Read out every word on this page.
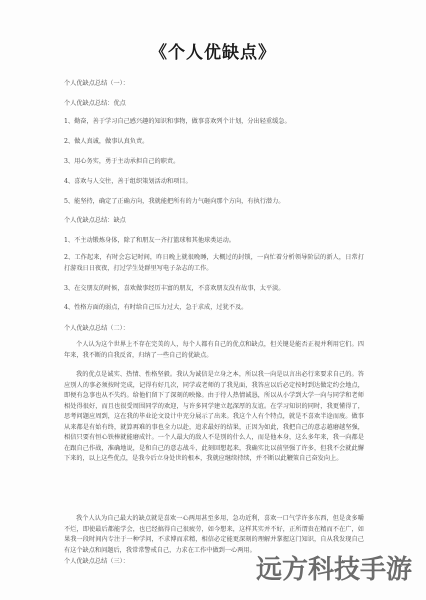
《个人优缺点》
个人优缺点总结（一）：
个人优缺点总结：优点
1、勤奋，善于学习自己感兴趣的知识和事物，做事喜欢列个计划，分出轻重缓急。
2、做人真诚，做事认真负责。
3、用心务实，勇于主动承担自己的职责。
4、喜欢与人交往，善于组织策划活动和项目。
5、能坚持，确定了正确方向，我就能把所有的力气砸向那个方向，有执行潜力。
个人优缺点总结：缺点
1、不主动锻炼身体，除了和朋友一齐打篮球和其他球类运动。
2、工作起来，有时会忘记时间，昨日晚上就很晚睡，大概过的封锁，一向忙着分析领导阶层的新人，日常打打游戏日日夜夜，打过学生处群里写电子杂志的工作。
3、在交朋友的时候，喜欢做事经历丰富的朋友，不喜欢朋友没有故事，太平淡。
4、性格方面的弱点，有时给自己压力过大，急于求成，过犹不及。
个人优缺点总结（二）：
个人认为这个世界上不存在完美的人，每个人都有自己的优点和缺点，但关键是能否正视并利用它们。四年来，我不断的自我反省，归纳了一些自己的优缺点。
我的优点是诚实、热情、性格坚毅。我认为诚信是立身之本，所以我一向是以言出必行来要求自己的。答应别人的事必须按时完成，记得有好几次，同学或老师的了我见面，我答应以后必定按时到达做定约会地点，即便有急事也从不失约。给他们留下了深刻的映像。由于待人热情诚恳，所以从小学到大学一向与同学和老师相处得很好，而且也很受周围同学的欢迎，与许多同学建立起深厚的友谊。在学习知识的同时，我更懂得了，思考问题应周到，这在我的毕业论文设计中充分展示了出来。我这个人有个特点，就是不喜欢半途而废。做事从来都是有始有终，就算再难的事也全力以赴，追求最好的结果，正因为如此，我把自己的意志越磨越坚强，相信只要有恒心铁棒就能磨成针。一个人最大的敌人不是别的什么人，而是他本身，这么多年来，我一向都是在跟自己作战，准确地说，是和自己的意志战斗，此刻回想起来，我确实比以前坚强了许多，但我不会就此懈下来的，以上这些优点，是我今后立身处世的根本，我就应继续持续，并不断以此鞭策自己奋发向上。
我个人认为自己最大的缺点就是喜欢一心两用甚至多用，急功近利，喜欢一口气学许多东西，但是贪多嚼不烂，即使最后都能学会，也已经搞得自己很疲劳，如今想来，这样其实并不好，正所谓贵在精而不在广，如果我一段时间内专注于一种学问，不求博而求精，相信必定能更深刻的理解并掌握这门知识，自从我发现自己有这个缺点和问题后，我常常警戒自己，力求在工作中做到一心两用。
个人优缺点总结（三）：	远方科技手游
